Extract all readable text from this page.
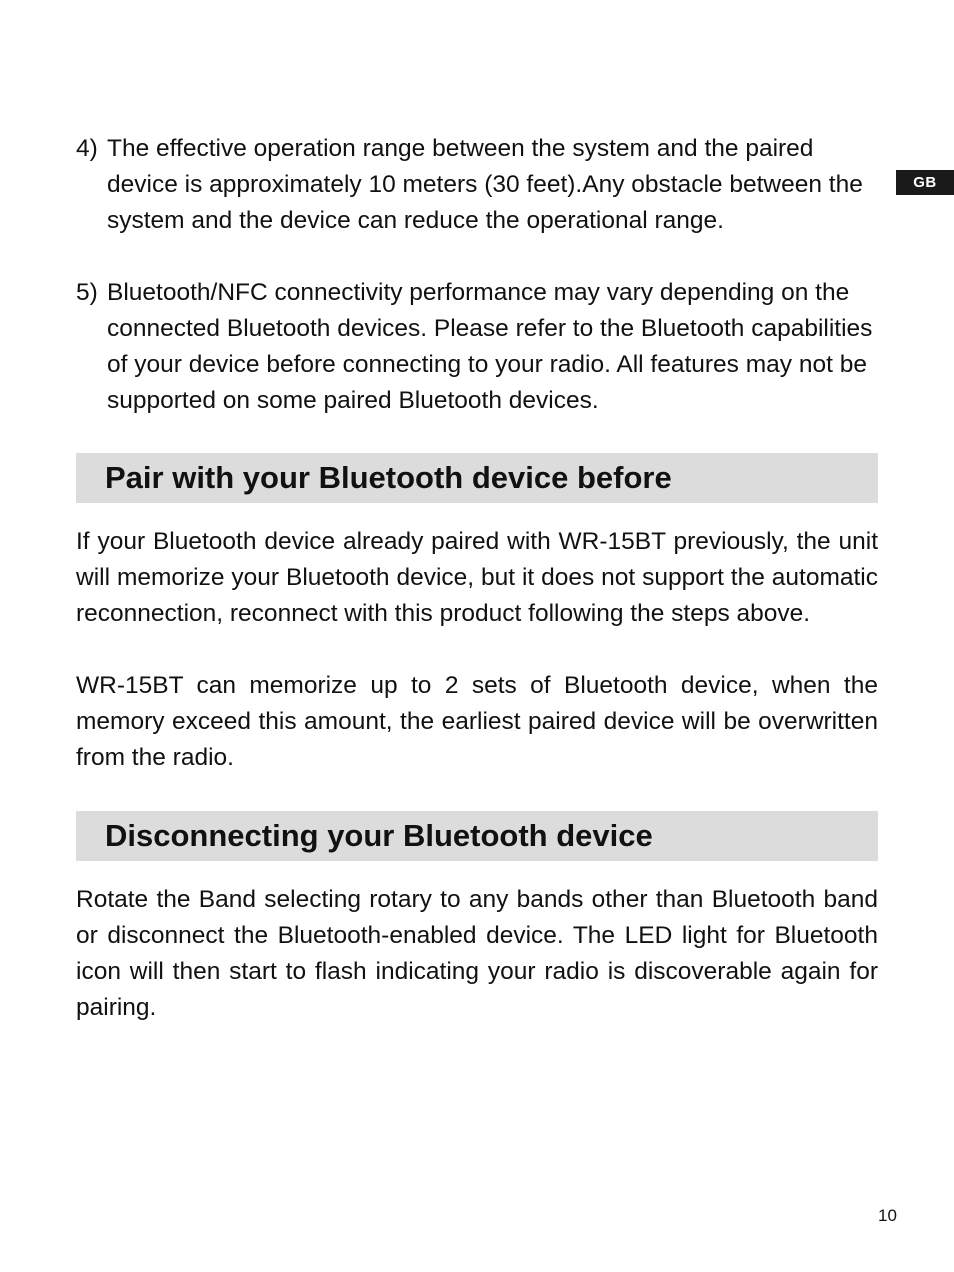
GB
4) The effective operation range between the system and the paired device is approximately 10 meters (30 feet).Any obstacle between the system and the device can reduce the operational range.

5) Bluetooth/NFC connectivity performance may vary depending on the connected Bluetooth devices. Please refer to the Bluetooth capabilities of your device before connecting to your radio. All features may not be supported on some paired Bluetooth devices.

Pair with your Bluetooth device before

If your Bluetooth device already paired with WR-15BT previously, the unit will memorize your Bluetooth device, but it does not support the automatic reconnection, reconnect with this product following the steps above.

WR-15BT can memorize up to 2 sets of Bluetooth device, when the memory exceed this amount, the earliest paired device will be overwritten from the radio.

Disconnecting your Bluetooth device

Rotate the Band selecting rotary to any bands other than Bluetooth band or disconnect the Bluetooth-enabled device. The LED light for Bluetooth icon will then start to flash indicating your radio is discoverable again for pairing.

10
